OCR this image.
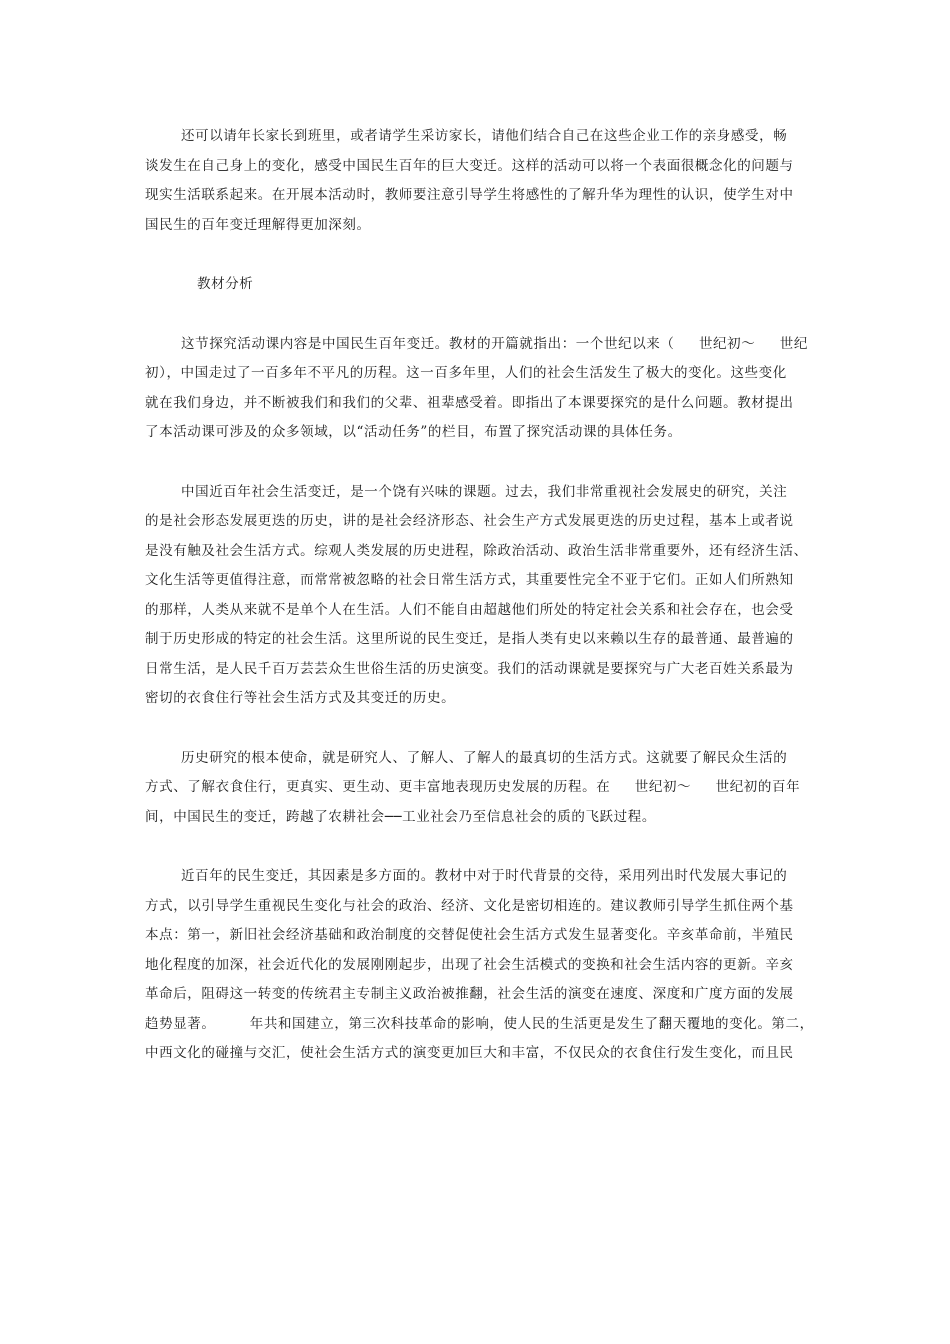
还可以请年长家长到班里，或者请学生采访家长，请他们结合自己在这些企业工作的亲身感受，畅
谈发生在自己身上的变化，感受中国民生百年的巨大变迁。这样的活动可以将一个表面很概念化的问题与
现实生活联系起来。在开展本活动时，教师要注意引导学生将感性的了解升华为理性的认识，使学生对中
国民生的百年变迁理解得更加深刻。

教材分析

这节探究活动课内容是中国民生百年变迁。教材的开篇就指出：一个世纪以来（     世纪初～     世纪
初），中国走过了一百多年不平凡的历程。这一百多年里，人们的社会生活发生了极大的变化。这些变化
就在我们身边，并不断被我们和我们的父辈、祖辈感受着。即指出了本课要探究的是什么问题。教材提出
了本活动课可涉及的众多领域，以“活动任务”的栏目，布置了探究活动课的具体任务。

中国近百年社会生活变迁，是一个饶有兴味的课题。过去，我们非常重视社会发展史的研究，关注
的是社会形态发展更迭的历史，讲的是社会经济形态、社会生产方式发展更迭的历史过程，基本上或者说
是没有触及社会生活方式。综观人类发展的历史进程，除政治活动、政治生活非常重要外，还有经济生活、
文化生活等更值得注意，而常常被忽略的社会日常生活方式，其重要性完全不亚于它们。正如人们所熟知
的那样，人类从来就不是单个人在生活。人们不能自由超越他们所处的特定社会关系和社会存在，也会受
制于历史形成的特定的社会生活。这里所说的民生变迁，是指人类有史以来赖以生存的最普通、最普遍的
日常生活，是人民千百万芸芸众生世俗生活的历史演变。我们的活动课就是要探究与广大老百姓关系最为
密切的衣食住行等社会生活方式及其变迁的历史。

历史研究的根本使命，就是研究人、了解人、了解人的最真切的生活方式。这就要了解民众生活的
方式、了解衣食住行，更真实、更生动、更丰富地表现历史发展的历程。在     世纪初～     世纪初的百年
间，中国民生的变迁，跨越了农耕社会──工业社会乃至信息社会的质的飞跃过程。

近百年的民生变迁，其因素是多方面的。教材中对于时代背景的交待，采用列出时代发展大事记的
方式，以引导学生重视民生变化与社会的政治、经济、文化是密切相连的。建议教师引导学生抓住两个基
本点：第一，新旧社会经济基础和政治制度的交替促使社会生活方式发生显著变化。辛亥革命前，半殖民
地化程度的加深，社会近代化的发展刚刚起步，出现了社会生活模式的变换和社会生活内容的更新。辛亥
革命后，阻碍这一转变的传统君主专制主义政治被推翻，社会生活的演变在速度、深度和广度方面的发展
趋势显著。       年共和国建立，第三次科技革命的影响，使人民的生活更是发生了翻天覆地的变化。第二，
中西文化的碰撞与交汇，使社会生活方式的演变更加巨大和丰富，不仅民众的衣食住行发生变化，而且民
